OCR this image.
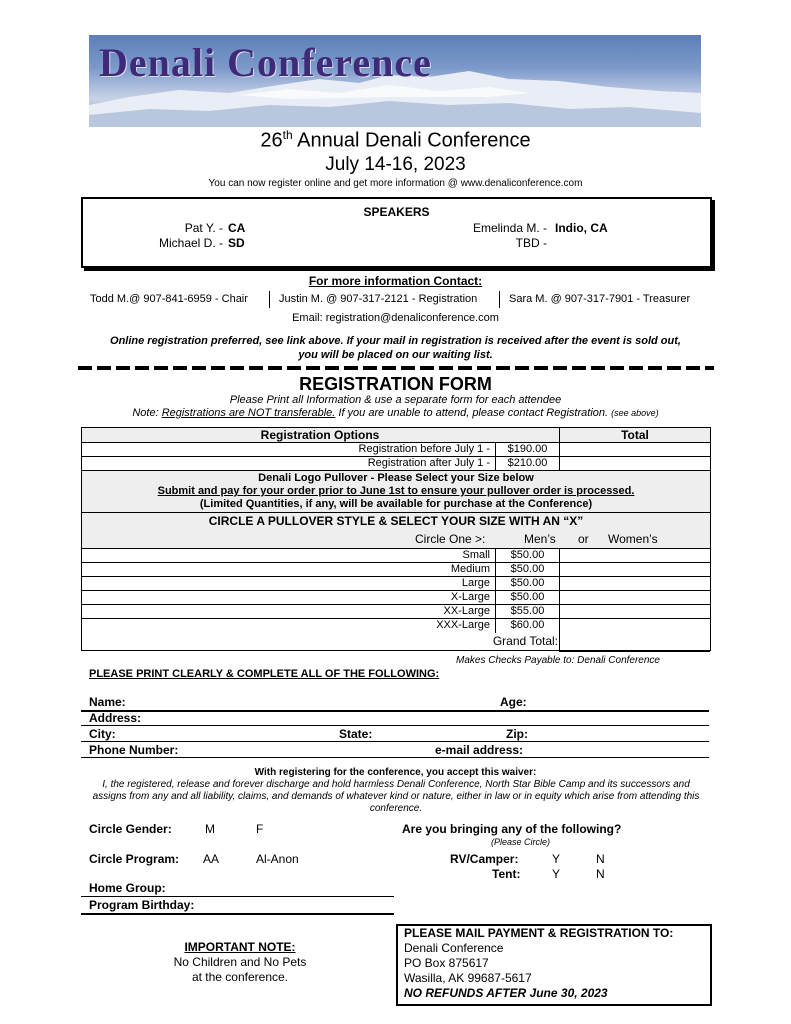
Denali Conference
26th Annual Denali Conference
July 14-16, 2023
You can now register online and get more information @ www.denaliconference.com
SPEAKERS
Pat Y. - CA
Michael D. - SD
Emelinda M. - Indio, CA
TBD -
For more information Contact:
Todd M.@ 907-841-6959 - Chair	Justin M. @ 907-317-2121 - Registration	Sara M. @ 907-317-7901 - Treasurer
Email: registration@denaliconference.com
Online registration preferred, see link above. If your mail in registration is received after the event is sold out,
you will be placed on our waiting list.
REGISTRATION FORM
Please Print all Information & use a separate form for each attendee
Note: Registrations are NOT transferable. If you are unable to attend, please contact Registration. (see above)
Registration Options	Total
Registration before July 1 -	$190.00
Registration after July 1 -	$210.00
Denali Logo Pullover - Please Select your Size below
Submit and pay for your order prior to June 1st to ensure your pullover order is processed.
(Limited Quantities, if any, will be available for purchase at the Conference)
CIRCLE A PULLOVER STYLE & SELECT YOUR SIZE WITH AN “X”
Circle One >:	Men’s or Women’s
Small	$50.00
Medium	$50.00
Large	$50.00
X-Large	$50.00
XX-Large	$55.00
XXX-Large	$60.00
Grand Total:
Makes Checks Payable to: Denali Conference
PLEASE PRINT CLEARLY & COMPLETE ALL OF THE FOLLOWING:
Name:	Age:
Address:
City:	State:	Zip:
Phone Number:	e-mail address:
With registering for the conference, you accept this waiver:
I, the registered, release and forever discharge and hold harmless Denali Conference, North Star Bible Camp and its successors and assigns from any and all liability, claims, and demands of whatever kind or nature, either in law or in equity which arise from attending this conference.
Circle Gender:	M	F	Are you bringing any of the following?
(Please Circle)
Circle Program: AA	Al-Anon	RV/Camper:	Y	N
Tent:	Y	N
Home Group:
Program Birthday:
IMPORTANT NOTE:
No Children and No Pets
at the conference.
PLEASE MAIL PAYMENT & REGISTRATION TO:
Denali Conference
PO Box 875617
Wasilla, AK 99687-5617
NO REFUNDS AFTER June 30, 2023
